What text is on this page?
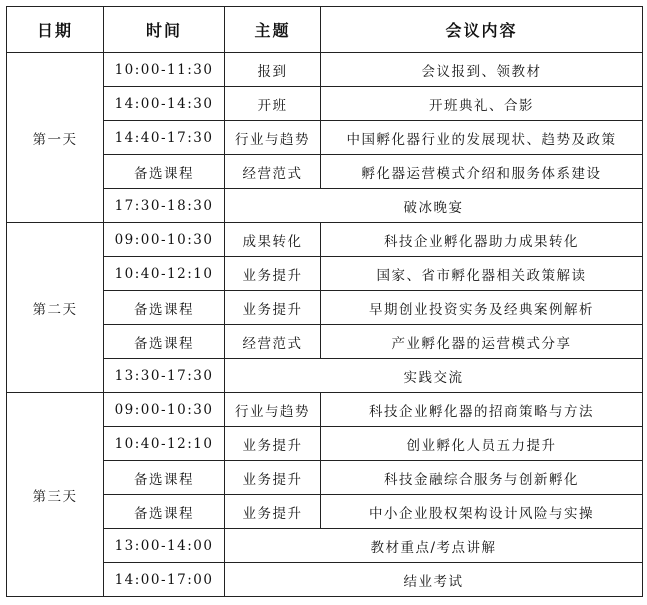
日期	时间	主题	会议内容
第一天	10:00-11:30	报到	会议报到、领教材
	14:00-14:30	开班	开班典礼、合影
	14:40-17:30	行业与趋势	中国孵化器行业的发展现状、趋势及政策
	备选课程	经营范式	孵化器运营模式介绍和服务体系建设
	17:30-18:30	破冰晚宴	
第二天	09:00-10:30	成果转化	科技企业孵化器助力成果转化
	10:40-12:10	业务提升	国家、省市孵化器相关政策解读
	备选课程	业务提升	早期创业投资实务及经典案例解析
	备选课程	经营范式	产业孵化器的运营模式分享
	13:30-17:30	实践交流	
第三天	09:00-10:30	行业与趋势	科技企业孵化器的招商策略与方法
	10:40-12:10	业务提升	创业孵化人员五力提升
	备选课程	业务提升	科技金融综合服务与创新孵化
	备选课程	业务提升	中小企业股权架构设计风险与实操
	13:00-14:00	教材重点/考点讲解	
	14:00-17:00	结业考试	
